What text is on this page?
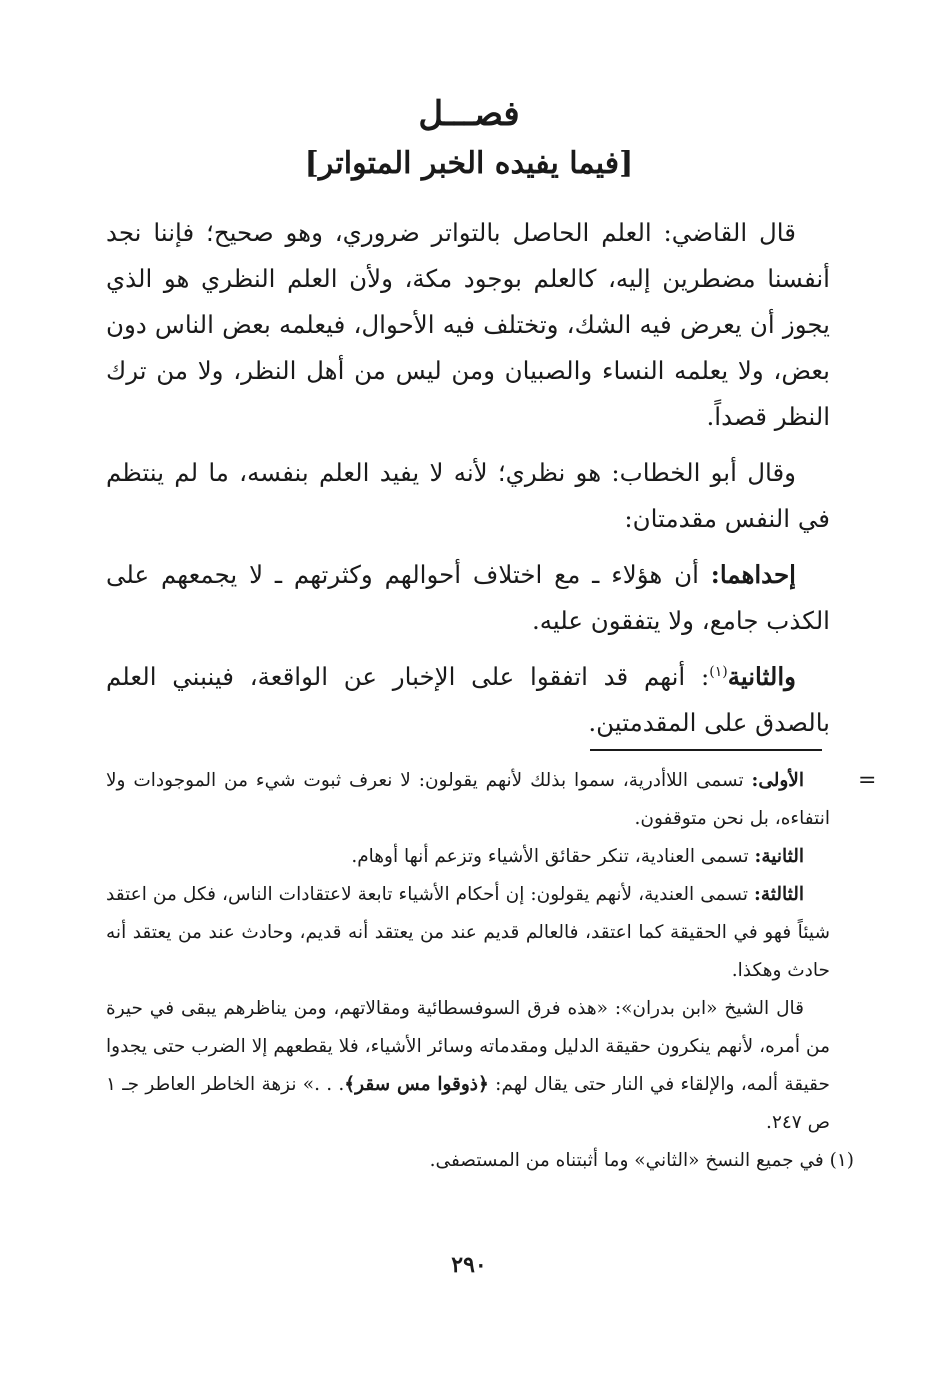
فصـــل
[فيما يفيده الخبر المتواتر]

قال القاضي: العلم الحاصل بالتواتر ضروري، وهو صحيح؛ فإننا نجد أنفسنا مضطرين إليه، كالعلم بوجود مكة، ولأن العلم النظري هو الذي يجوز أن يعرض فيه الشك، وتختلف فيه الأحوال، فيعلمه بعض الناس دون بعض، ولا يعلمه النساء والصبيان ومن ليس من أهل النظر، ولا من ترك النظر قصداً.

وقال أبو الخطاب: هو نظري؛ لأنه لا يفيد العلم بنفسه، ما لم ينتظم في النفس مقدمتان:

إحداهما: أن هؤلاء ـ مع اختلاف أحوالهم وكثرتهم ـ لا يجمعهم على الكذب جامع، ولا يتفقون عليه.

والثانية$^{(١)}$: أنهم قد اتفقوا على الإخبار عن الواقعة، فينبني العلم بالصدق على المقدمتين.

=

الأولى: تسمى اللاأدرية، سموا بذلك لأنهم يقولون: لا نعرف ثبوت شيء من الموجودات ولا انتفاءه، بل نحن متوقفون.

الثانية: تسمى العنادية، تنكر حقائق الأشياء وتزعم أنها أوهام.

الثالثة: تسمى العندية، لأنهم يقولون: إن أحكام الأشياء تابعة لاعتقادات الناس، فكل من اعتقد شيئاً فهو في الحقيقة كما اعتقد، فالعالم قديم عند من يعتقد أنه قديم، وحادث عند من يعتقد أنه حادث وهكذا.

قال الشيخ «ابن بدران»: «هذه فرق السوفسطائية ومقالاتهم، ومن يناظرهم يبقى في حيرة من أمره، لأنهم ينكرون حقيقة الدليل ومقدماته وسائر الأشياء، فلا يقطعهم إلا الضرب حتى يجدوا حقيقة ألمه، والإلقاء في النار حتى يقال لهم: ﴿ذوقوا مس سقر﴾. . .» نزهة الخاطر العاطر جـ ١ ص ٢٤٧.

(١) في جميع النسخ «الثاني» وما أثبتناه من المستصفى.

٢٩٠
